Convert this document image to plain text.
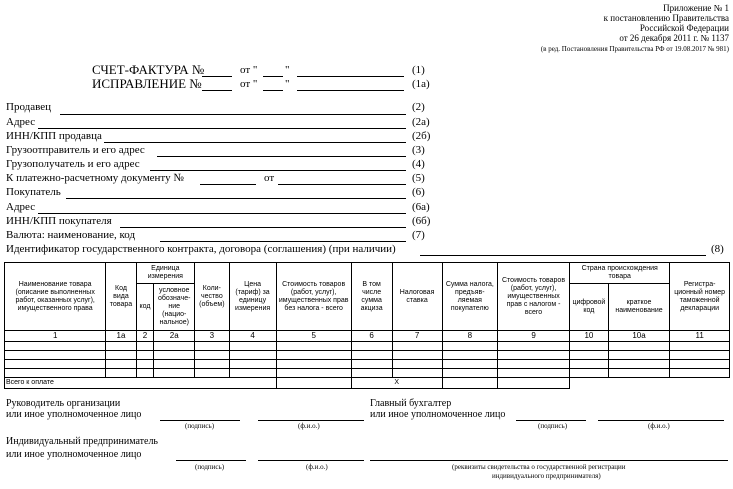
Приложение № 1
к постановлению Правительства
Российской Федерации
от 26 декабря 2011 г. № 1137
(в ред. Постановления Правительства РФ от 19.08.2017 № 981)
СЧЕТ-ФАКТУРА №	от "	"	(1)
ИСПРАВЛЕНИЕ №	от "	"	(1а)
Продавец	(2)
Адрес	(2а)
ИНН/КПП продавца	(2б)
Грузоотправитель и его адрес	(3)
Грузополучатель и его адрес	(4)
К платежно-расчетному документу №	от	(5)
Покупатель	(6)
Адрес	(6а)
ИНН/КПП покупателя	(6б)
Валюта: наименование, код	(7)
Идентификатор государственного контракта, договора (соглашения) (при наличии)	(8)
Наименование товара (описание выполненных работ, оказанных услуг), имущественного права	Код вида товара	Единица измерения		Коли-чество (объем)	Цена (тариф) за единицу измерения	Стоимость товаров (работ, услуг), имущественных прав без налога - всего	В том числе сумма акциза	Налоговая ставка	Сумма налога, предъяв-ляемая покупателю	Стоимость товаров (работ, услуг), имущественных прав с налогом - всего	Страна происхождения товара		Регистра-ционный номер таможенной декларации
		код	условное обозначе-ние (нацио-нальное)								цифровой код	краткое наименование	
1	1а	2	2а	3	4	5	6	7	8	9	10	10а	11

Всего к оплате							X						
Руководитель организации
или иное уполномоченное лицо
(подпись)	(ф.и.о.)
Главный бухгалтер
или иное уполномоченное лицо
(подпись)	(ф.и.о.)
Индивидуальный предприниматель
или иное уполномоченное лицо
(подпись)	(ф.и.о.)	(реквизиты свидетельства о государственной регистрации
индивидуального предпринимателя)
